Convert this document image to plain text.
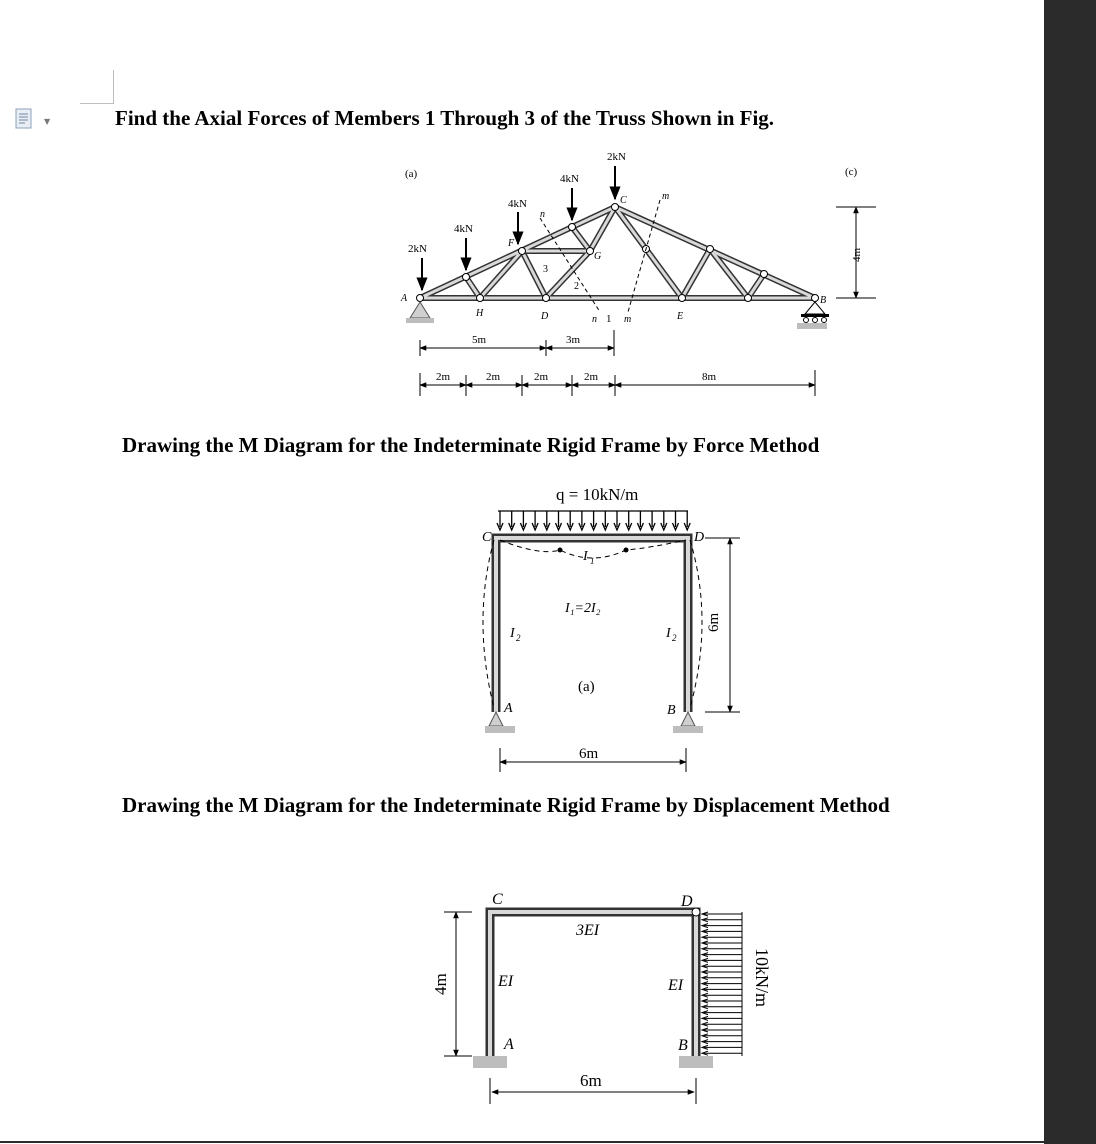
▼	Find the Axial Forces of Members 1 Through 3 of the Truss Shown in Fig.
Drawing the M Diagram for the Indeterminate Rigid Frame by Force Method
Drawing the M Diagram for the Indeterminate Rigid Frame by Displacement Method
(a)	(c)
2kN
4kN
4kN
4kN
2kN
A	B
C
D	E
F
G
H
n
n
m
m
1
2
3
5m	3m
2m	2m	2m	2m	8m
4m
q = 10kN/m
C	D
A	B
I
I	I
I₁=2I₂
1
2	2
(a)
6m
6m
C	D
A	B
3EI
EI	EI
6m
4m	10kN/m
